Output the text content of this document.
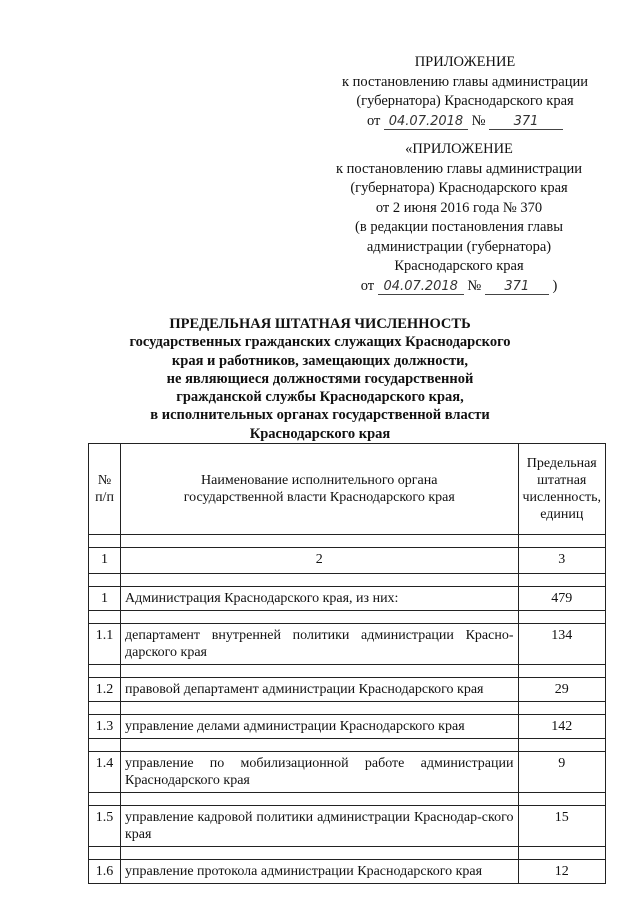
ПРИЛОЖЕНИЕ
к постановлению главы администрации
(губернатора) Краснодарского края
от 04.07.2018 № 371
«ПРИЛОЖЕНИЕ
к постановлению главы администрации
(губернатора) Краснодарского края
от 2 июня 2016 года № 370
(в редакции постановления главы
администрации (губернатора)
Краснодарского края
от 04.07.2018 № 371 )
ПРЕДЕЛЬНАЯ ШТАТНАЯ ЧИСЛЕННОСТЬ
государственных гражданских служащих Краснодарского
края и работников, замещающих должности,
не являющиеся должностями государственной
гражданской службы Краснодарского края,
в исполнительных органах государственной власти
Краснодарского края
№ п/п	Наименование исполнительного органа государственной власти Краснодарского края	Предельная штатная численность, единиц

1	2	3

1	Администрация Краснодарского края, из них:	479

1.1	департамент внутренней политики администрации Красно-дарского края	134

1.2	правовой департамент администрации Краснодарского края	29

1.3	управление делами администрации Краснодарского края	142

1.4	управление по мобилизационной работе администрации Краснодарского края	9

1.5	управление кадровой политики администрации Краснодар-ского края	15

1.6	управление протокола администрации Краснодарского края	12
